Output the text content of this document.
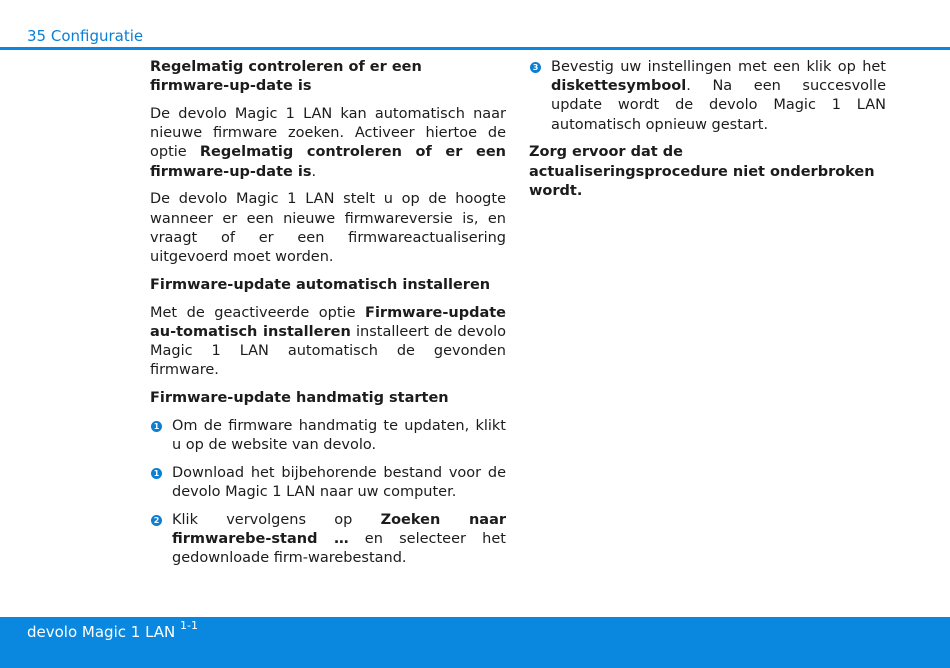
35 Configuratie

Regelmatig controleren of er een firmware-up-date is

De devolo Magic 1 LAN kan automatisch naar nieuwe firmware zoeken. Activeer hiertoe de optie Regelmatig controleren of er een firmware-up-date is.

De devolo Magic 1 LAN stelt u op de hoogte wanneer er een nieuwe firmwareversie is, en vraagt of er een firmwareactualisering uitgevoerd moet worden.

Firmware-update automatisch installeren

Met de geactiveerde optie Firmware-update au-tomatisch installeren installeert de devolo Magic 1 LAN automatisch de gevonden firmware.

Firmware-update handmatig starten

1 Om de firmware handmatig te updaten, klikt u op de website van devolo.
1 Download het bijbehorende bestand voor de devolo Magic 1 LAN naar uw computer.
2 Klik vervolgens op Zoeken naar firmwarebe-stand … en selecteer het gedownloade firm-warebestand.
3 Bevestig uw instellingen met een klik op het diskettesymbool. Na een succesvolle update wordt de devolo Magic 1 LAN automatisch opnieuw gestart.

Zorg ervoor dat de actualiseringsprocedure niet onderbroken wordt.

devolo Magic 1 LAN $^{1-1}$
